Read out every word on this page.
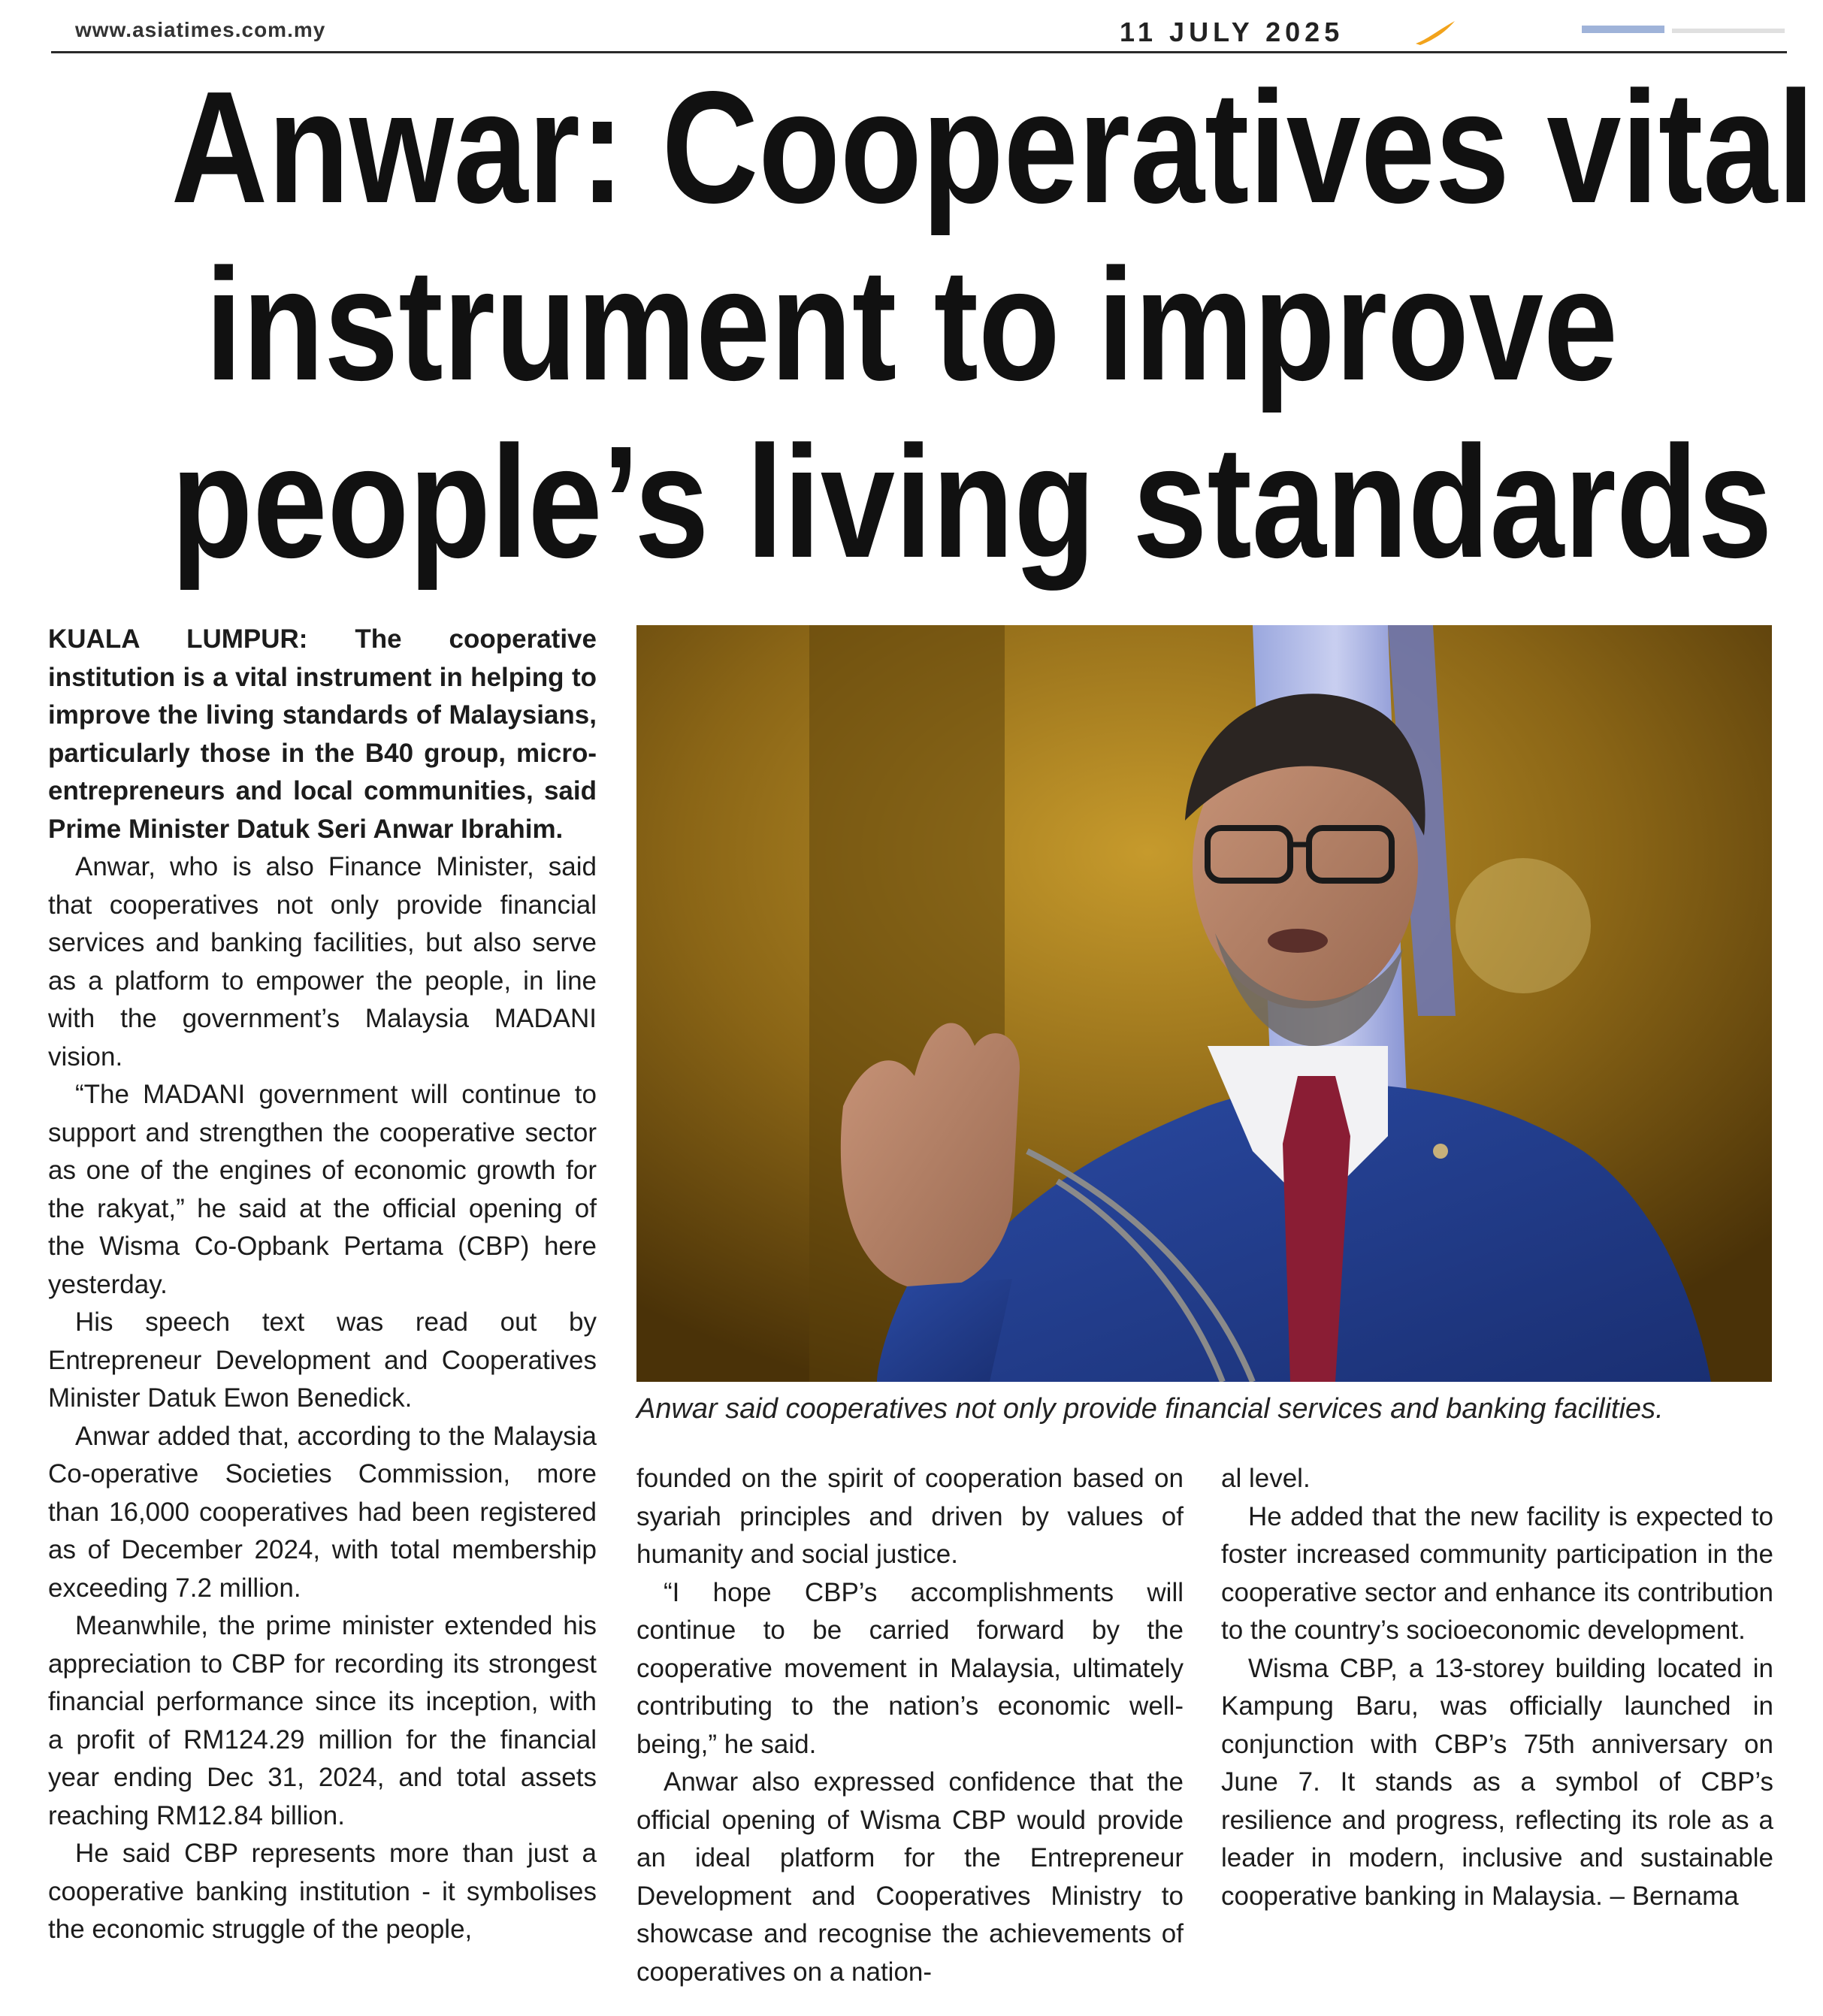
www.asiatimes.com.my	11 JULY 2025
Anwar: Cooperatives vital
instrument to improve
people’s living standards

KUALA LUMPUR: The cooperative institution is a vital instrument in helping to improve the living standards of Malaysians, particularly those in the B40 group, micro-entrepreneurs and local communities, said Prime Minister Datuk Seri Anwar Ibrahim.

Anwar, who is also Finance Minister, said that cooperatives not only provide financial services and banking facilities, but also serve as a platform to empower the people, in line with the government’s Malaysia MADANI vision.

“The MADANI government will continue to support and strengthen the cooperative sector as one of the engines of economic growth for the rakyat,” he said at the official opening of the Wisma Co-Opbank Pertama (CBP) here yesterday.

His speech text was read out by Entrepreneur Development and Cooperatives Minister Datuk Ewon Benedick.

Anwar added that, according to the Malaysia Co-operative Societies Commission, more than 16,000 cooperatives had been registered as of December 2024, with total membership exceeding 7.2 million.

Meanwhile, the prime minister extended his appreciation to CBP for recording its strongest financial performance since its inception, with a profit of RM124.29 million for the financial year ending Dec 31, 2024, and total assets reaching RM12.84 billion.

He said CBP represents more than just a cooperative banking institution - it symbolises the economic struggle of the people,

Anwar said cooperatives not only provide financial services and banking facilities.

founded on the spirit of cooperation based on syariah principles and driven by values of humanity and social justice.

“I hope CBP’s accomplishments will continue to be carried forward by the cooperative movement in Malaysia, ultimately contributing to the nation’s economic well-being,” he said.

Anwar also expressed confidence that the official opening of Wisma CBP would provide an ideal platform for the Entrepreneur Development and Cooperatives Ministry to showcase and recognise the achievements of cooperatives on a nation-

al level.

He added that the new facility is expected to foster increased community participation in the cooperative sector and enhance its contribution to the country’s socioeconomic development.

Wisma CBP, a 13-storey building located in Kampung Baru, was officially launched in conjunction with CBP’s 75th anniversary on June 7. It stands as a symbol of CBP’s resilience and progress, reflecting its role as a leader in modern, inclusive and sustainable cooperative banking in Malaysia. – Bernama
